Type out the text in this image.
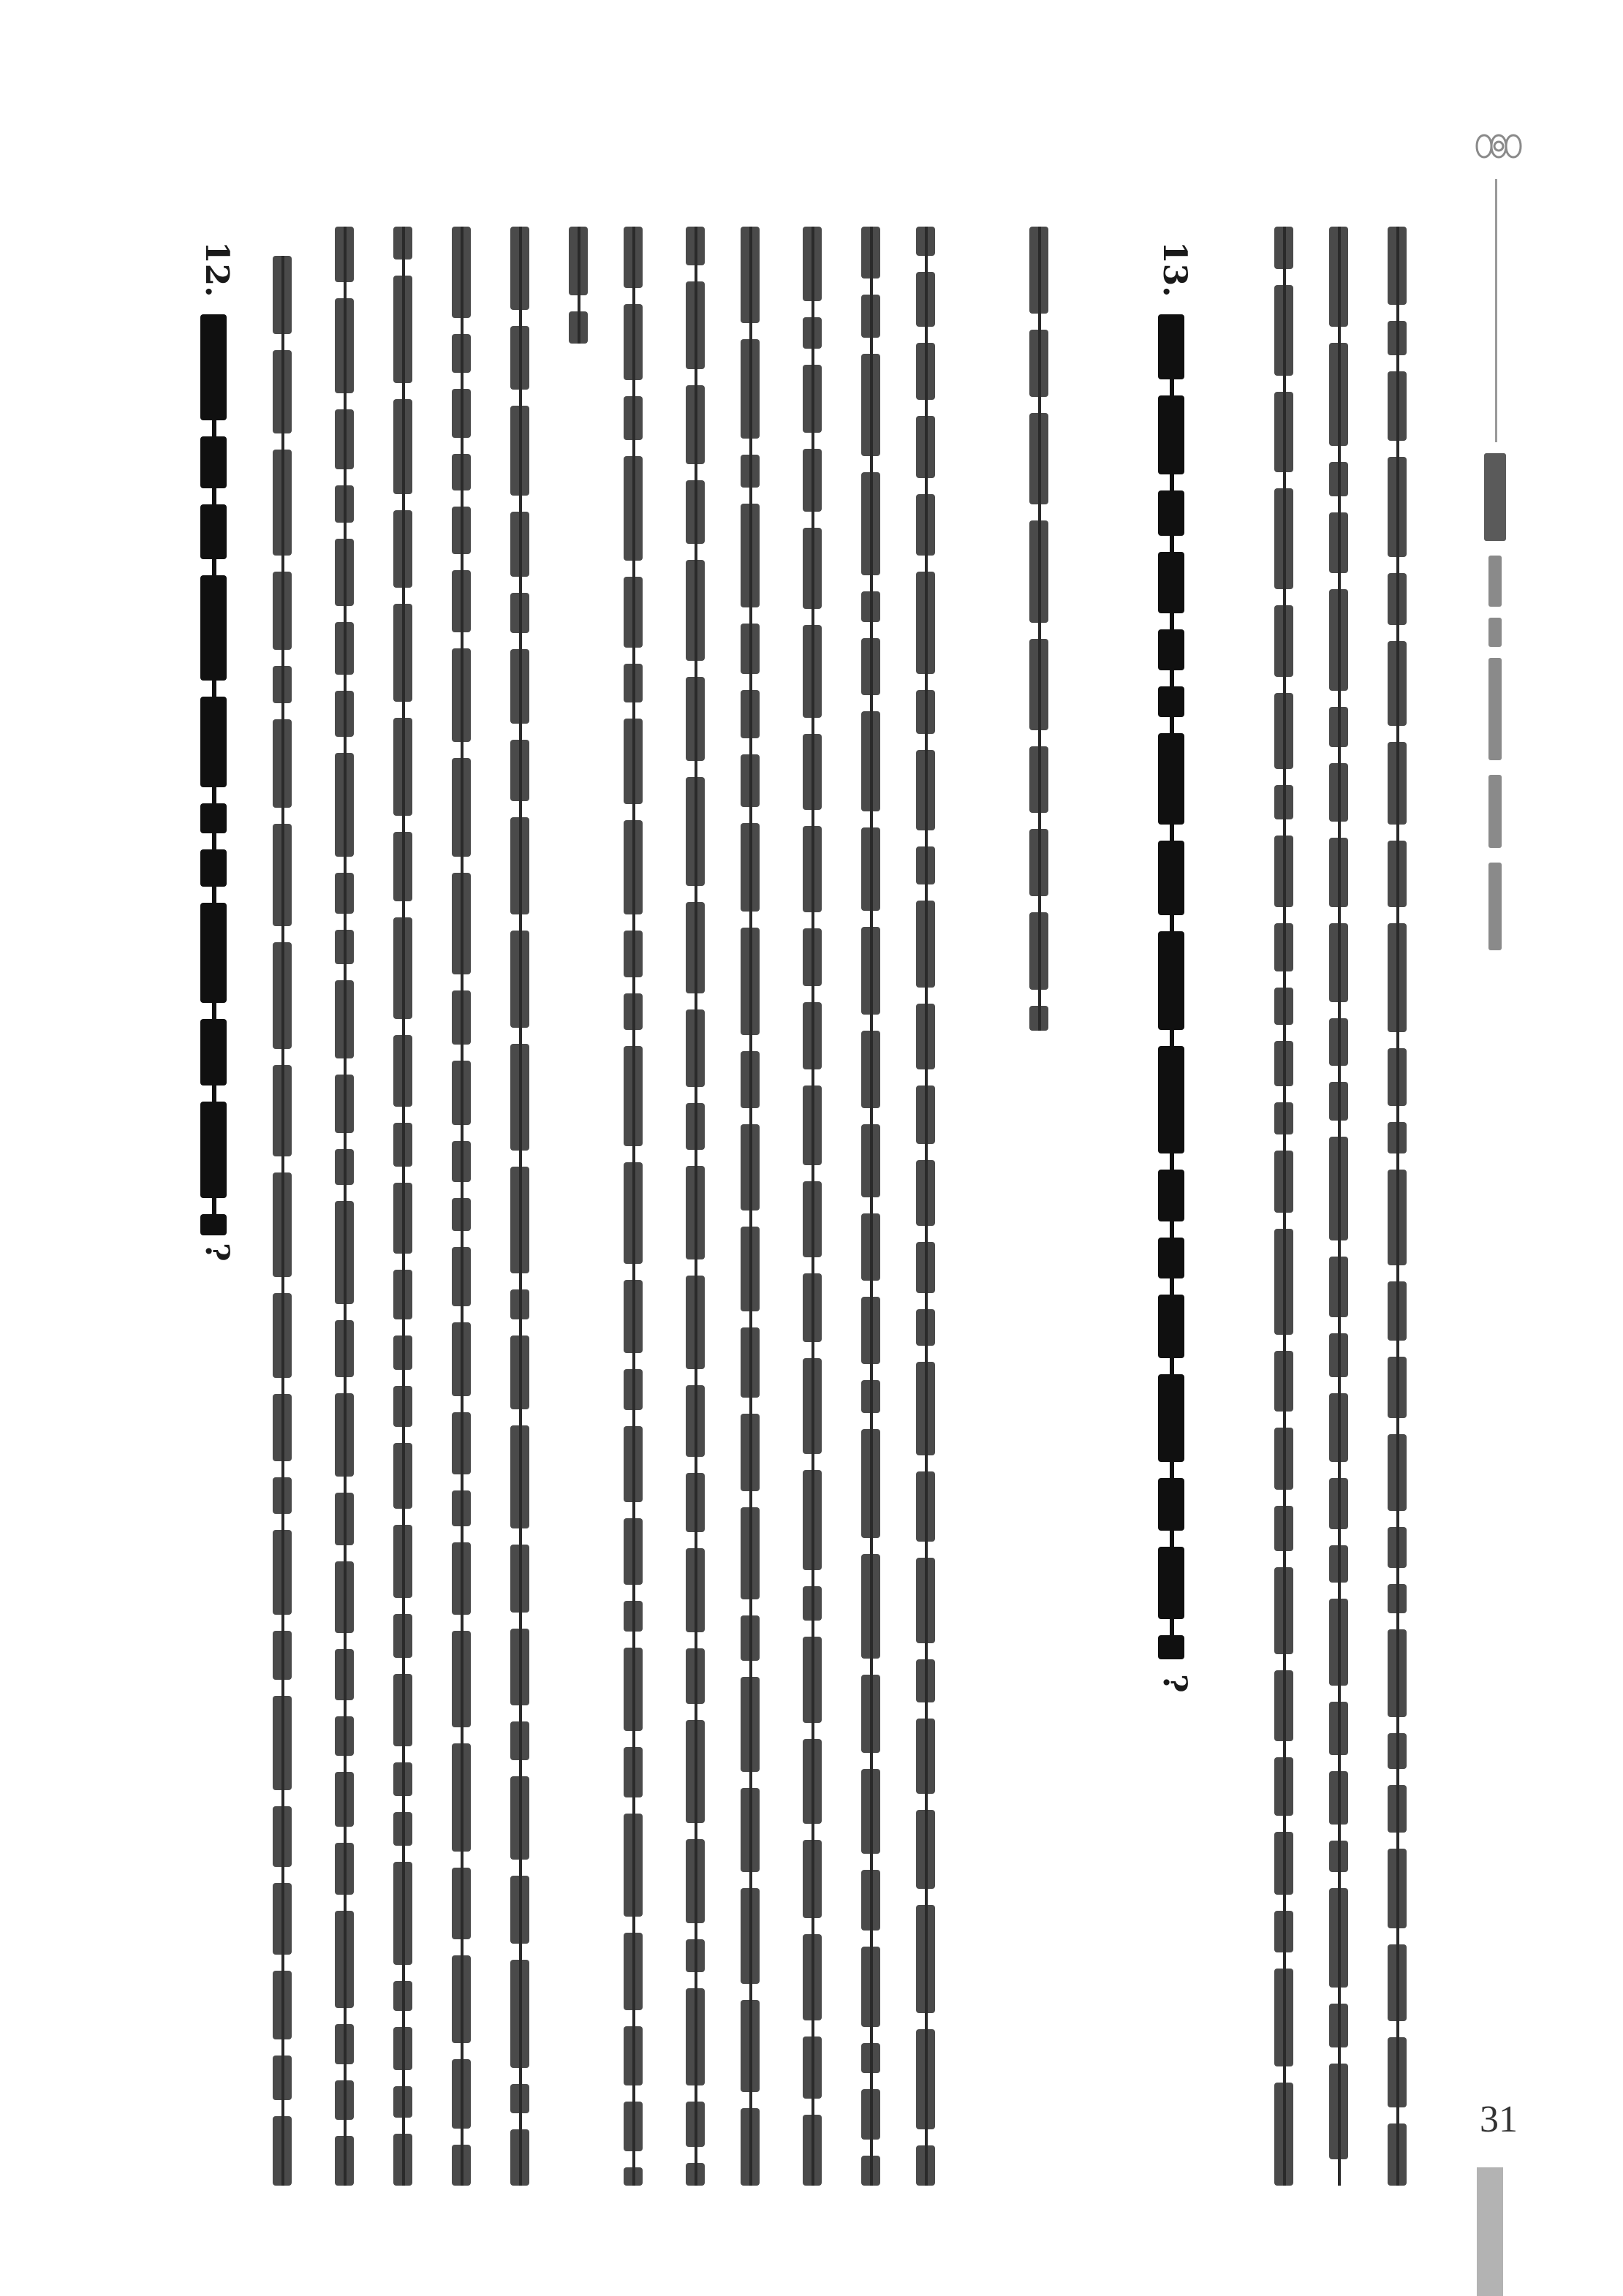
13.
?
12.
?
31
